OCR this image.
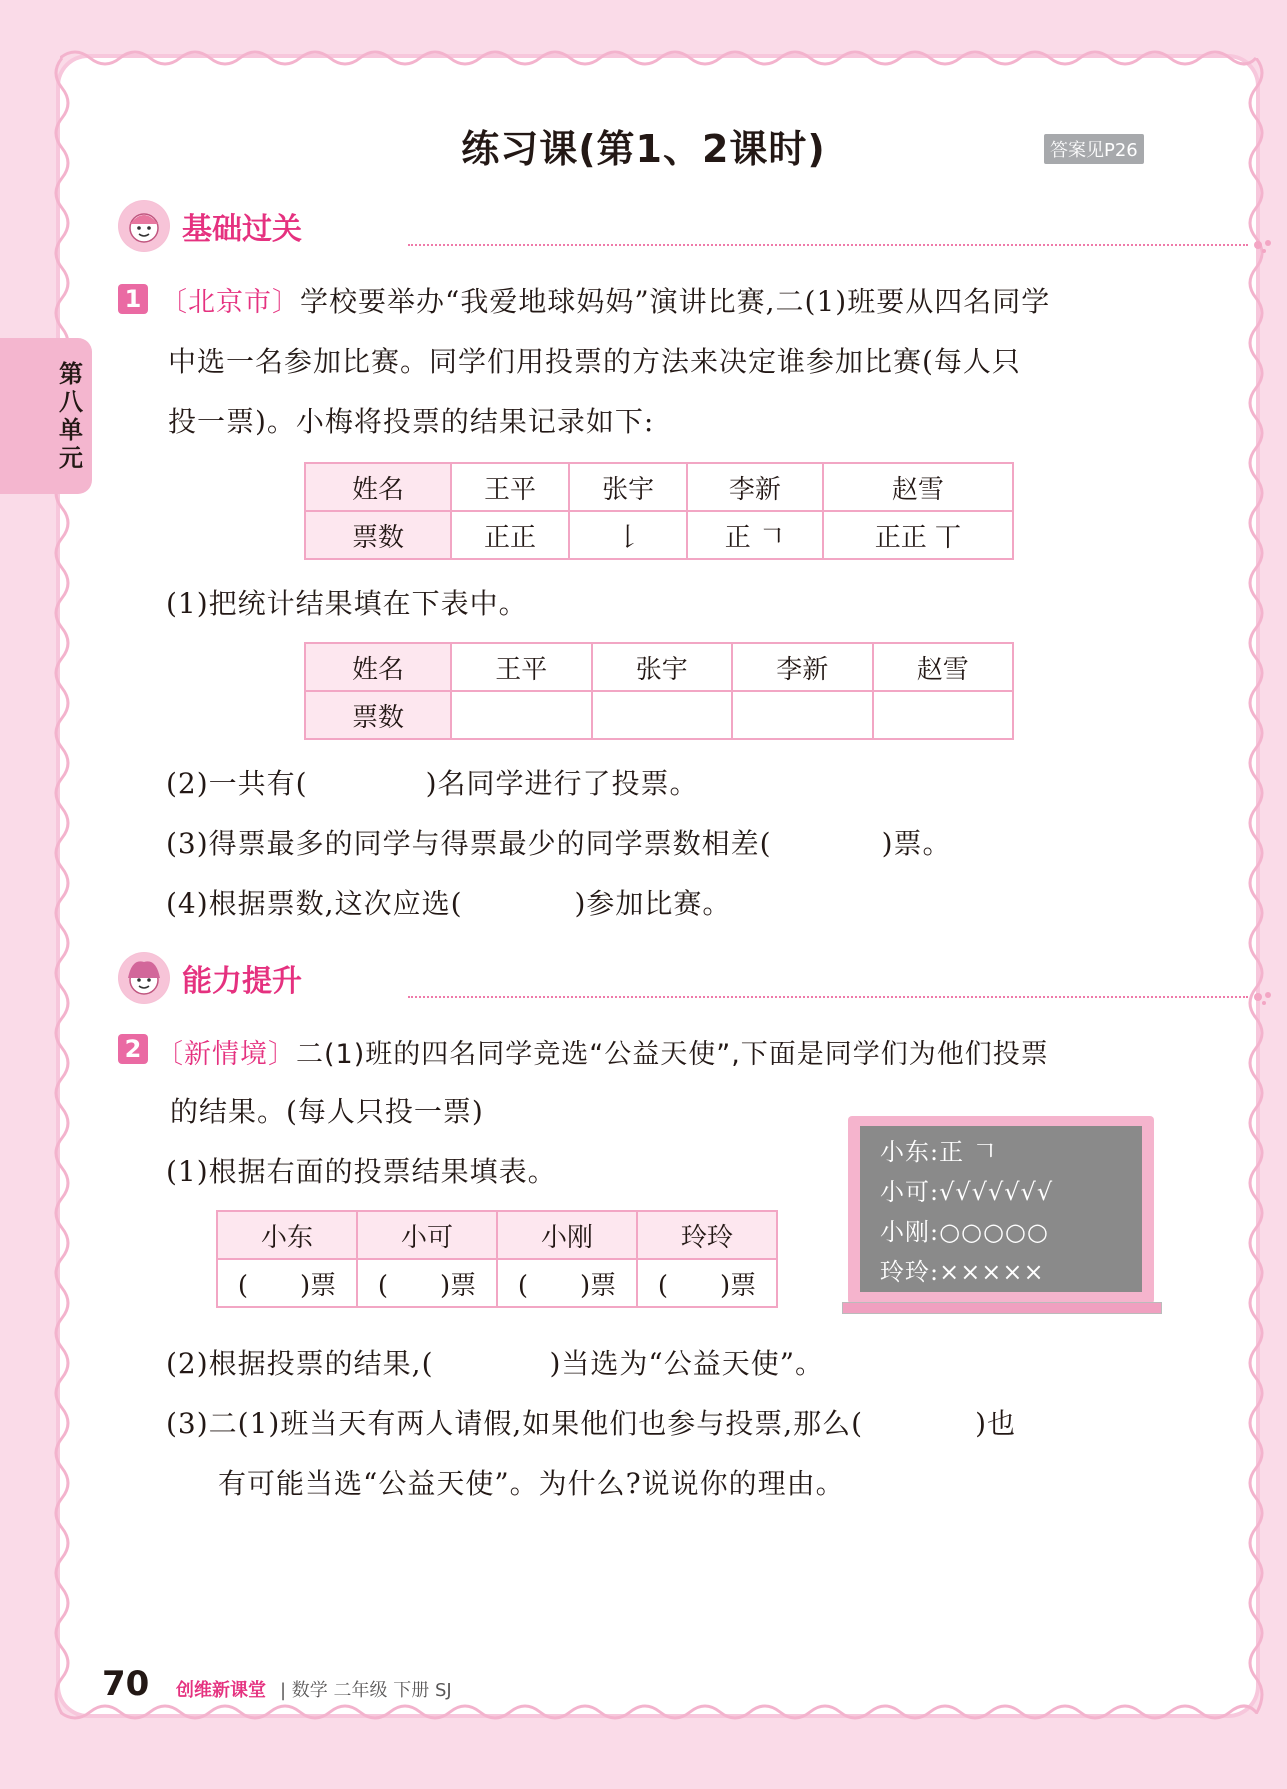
练习课(第1、2课时)	答案见P26
第八单元
基础过关
1 〔北京市〕学校要举办“我爱地球妈妈”演讲比赛,二(1)班要从四名同学
中选一名参加比赛。同学们用投票的方法来决定谁参加比赛(每人只
投一票)。小梅将投票的结果记录如下:
姓名	王平	张宇	李新	赵雪
票数	正正	𠄌	正 𠃍	正正 丅
(1)把统计结果填在下表中。
姓名	王平	张宇	李新	赵雪
票数				
(2)一共有(	)名同学进行了投票。
(3)得票最多的同学与得票最少的同学票数相差(	)票。
(4)根据票数,这次应选(	)参加比赛。
能力提升
2 〔新情境〕二(1)班的四名同学竞选“公益天使”,下面是同学们为他们投票
的结果。(每人只投一票)
(1)根据右面的投票结果填表。
小东	小可	小刚	玲玲
( )票	( )票	( )票	( )票
小东:正 𠃍
小可:√√√√√√√
小刚:○○○○○
玲玲:×××××
(2)根据投票的结果,(	)当选为“公益天使”。
(3)二(1)班当天有两人请假,如果他们也参与投票,那么(	)也
有可能当选“公益天使”。为什么?说说你的理由。
70 创维新课堂 | 数学 二年级 下册 SJ
